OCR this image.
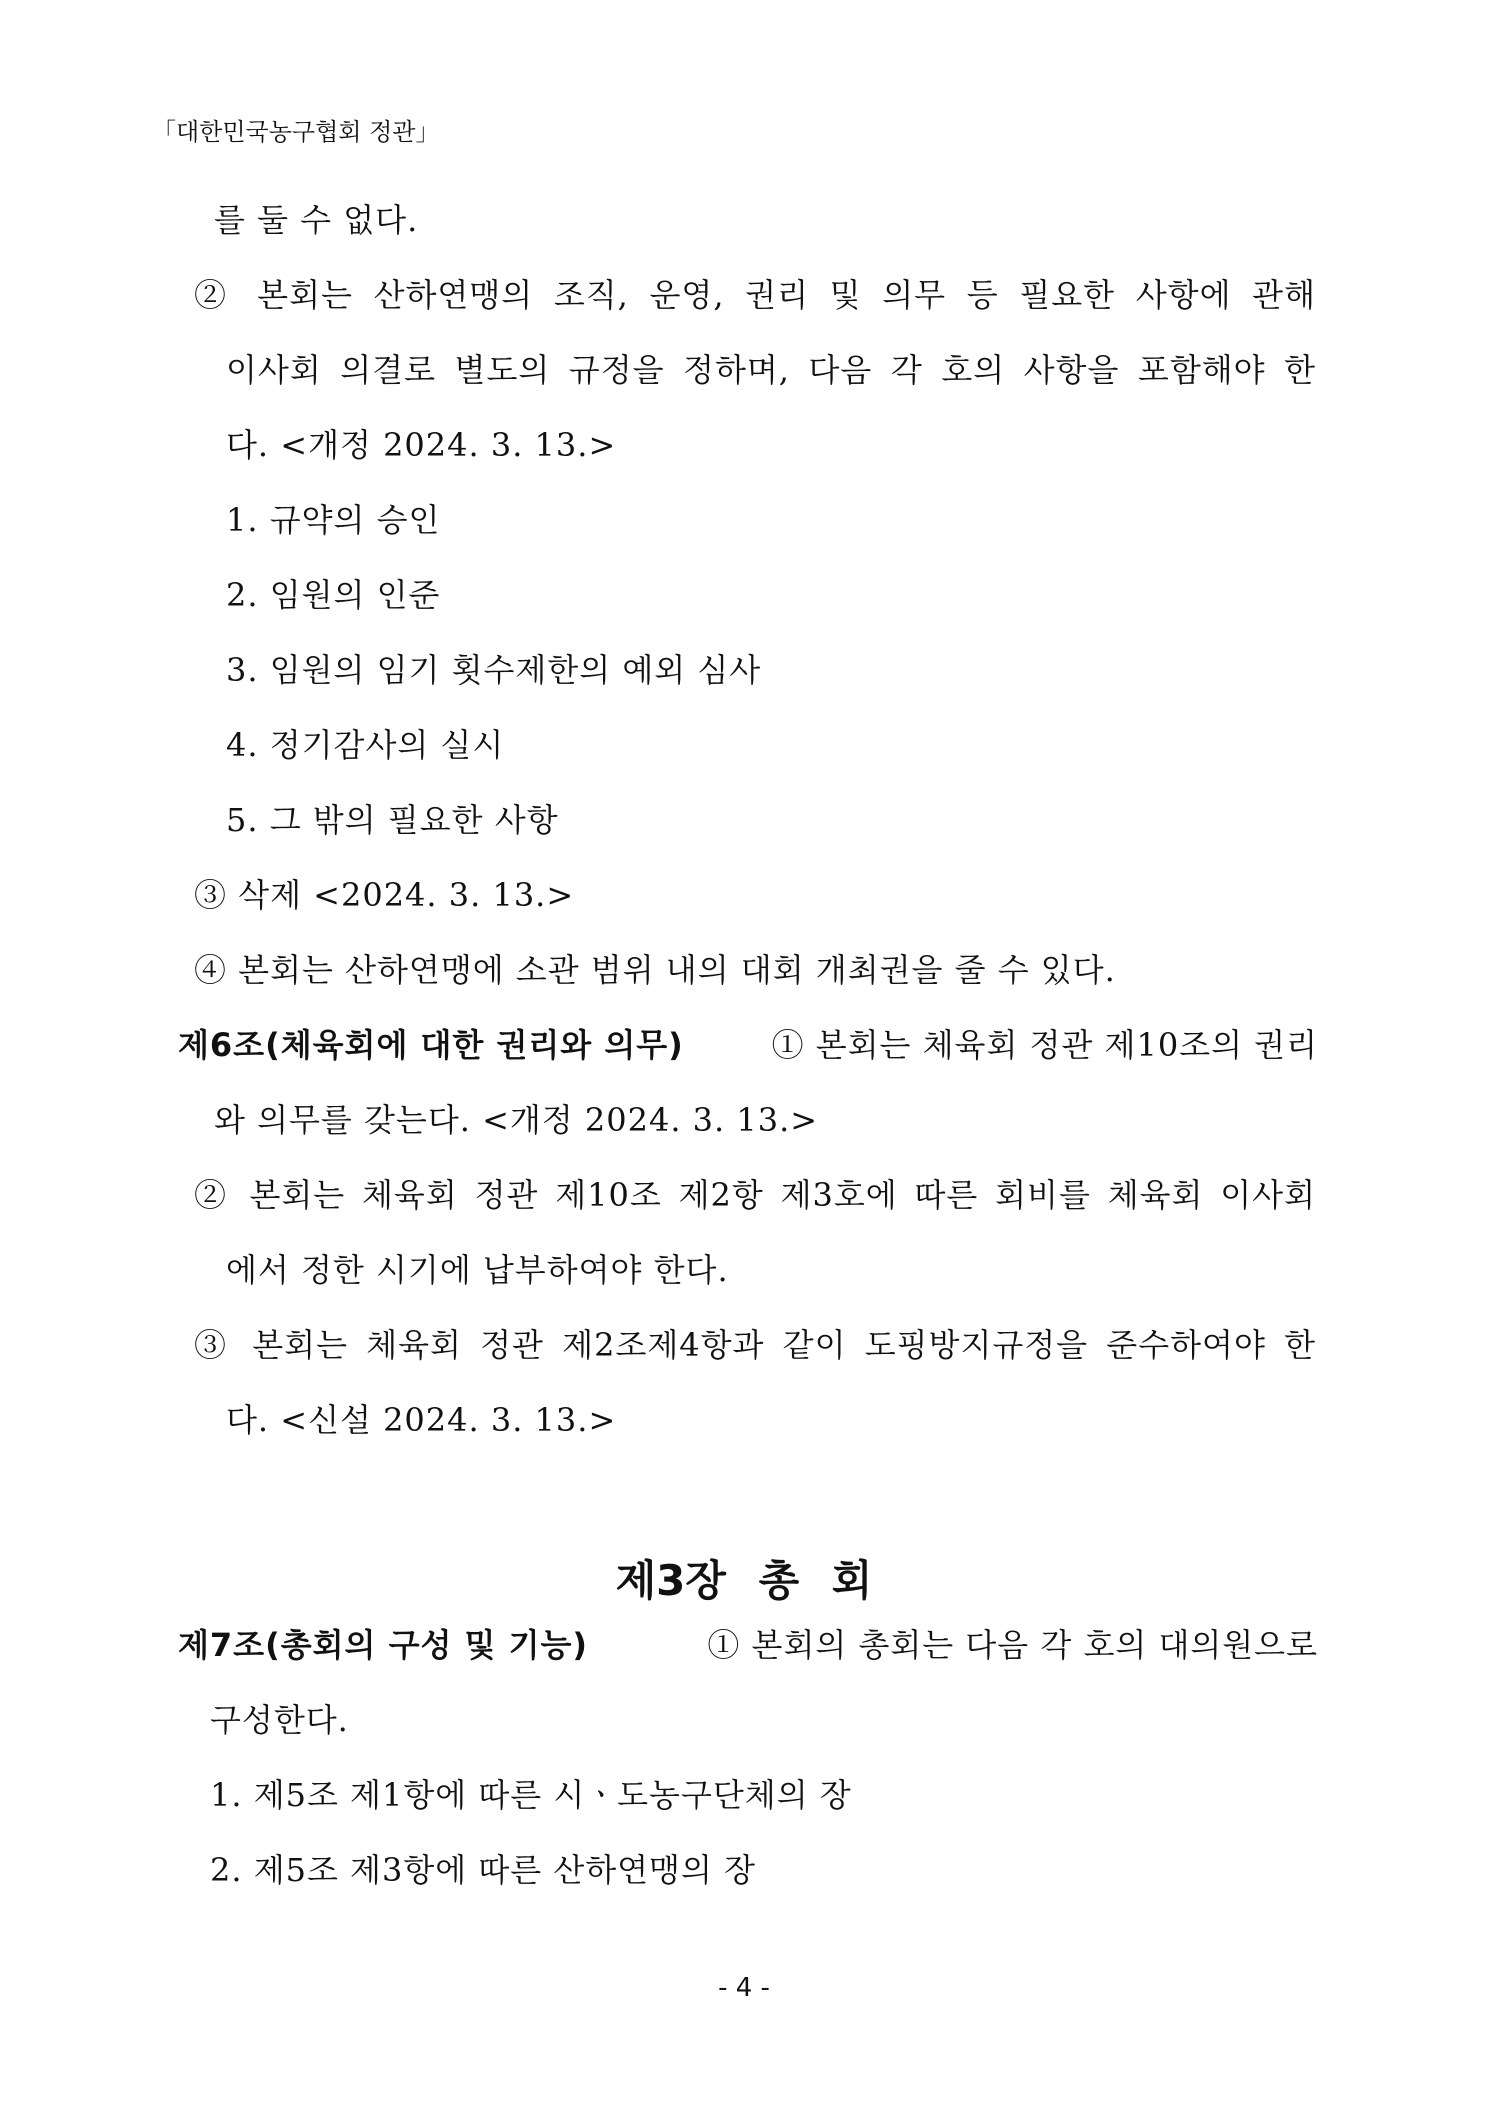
「대한민국농구협회 정관」
를 둘 수 없다.
② 본회는 산하연맹의 조직, 운영, 권리 및 의무 등 필요한 사항에 관해
이사회 의결로 별도의 규정을 정하며, 다음 각 호의 사항을 포함해야 한
다. <개정 2024. 3. 13.>
1. 규약의 승인
2. 임원의 인준
3. 임원의 임기 횟수제한의 예외 심사
4. 정기감사의 실시
5. 그 밖의 필요한 사항
③ 삭제 <2024. 3. 13.>
④ 본회는 산하연맹에 소관 범위 내의 대회 개최권을 줄 수 있다.
제6조(체육회에 대한 권리와 의무)	① 본회는 체육회 정관 제10조의 권리
와 의무를 갖는다. <개정 2024. 3. 13.>
② 본회는 체육회 정관 제10조 제2항 제3호에 따른 회비를 체육회 이사회
에서 정한 시기에 납부하여야 한다.
③ 본회는 체육회 정관 제2조제4항과 같이 도핑방지규정을 준수하여야 한
다. <신설 2024. 3. 13.>
제3장 총 회
제7조(총회의 구성 및 기능)	① 본회의 총회는 다음 각 호의 대의원으로
구성한다.
1. 제5조 제1항에 따른 시ㆍ도농구단체의 장
2. 제5조 제3항에 따른 산하연맹의 장
- 4 -
